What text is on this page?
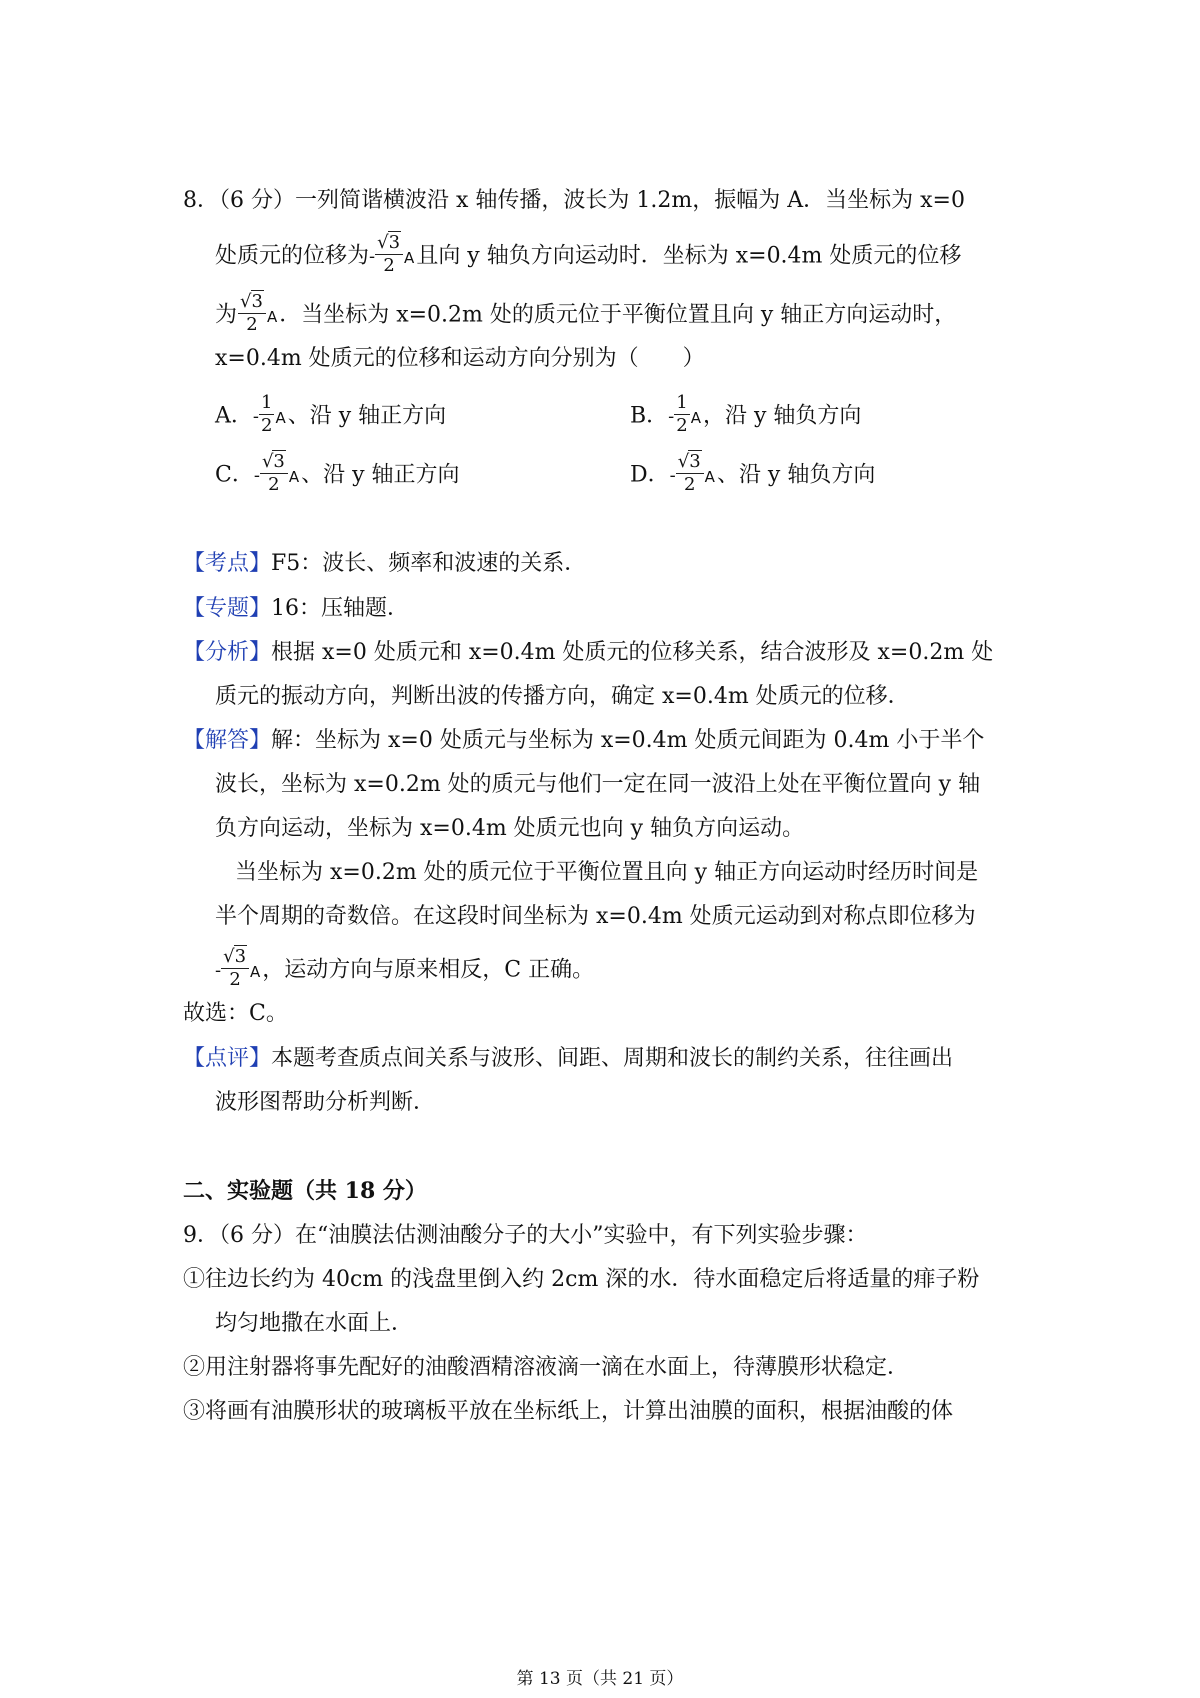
8．（6 分）一列简谐横波沿 x 轴传播，波长为 1.2m，振幅为 A．当坐标为 x=0
处质元的位移为- $\frac{√3}{2}$ A且向 y 轴负方向运动时．坐标为 x=0.4m 处质元的位移
为 $\frac{√3}{2}$ A．当坐标为 x=0.2m 处的质元位于平衡位置且向 y 轴正方向运动时，
x=0.4m 处质元的位移和运动方向分别为（　　）
A．- $\frac{1}{2}$ A、沿 y 轴正方向	B．- $\frac{1}{2}$ A，沿 y 轴负方向
C．- $\frac{√3}{2}$ A、沿 y 轴正方向	D．- $\frac{√3}{2}$ A、沿 y 轴负方向
【考点】F5：波长、频率和波速的关系．
【专题】16：压轴题．
【分析】根据 x=0 处质元和 x=0.4m 处质元的位移关系，结合波形及 x=0.2m 处
质元的振动方向，判断出波的传播方向，确定 x=0.4m 处质元的位移．
【解答】解：坐标为 x=0 处质元与坐标为 x=0.4m 处质元间距为 0.4m 小于半个
波长，坐标为 x=0.2m 处的质元与他们一定在同一波沿上处在平衡位置向 y 轴
负方向运动，坐标为 x=0.4m 处质元也向 y 轴负方向运动。
当坐标为 x=0.2m 处的质元位于平衡位置且向 y 轴正方向运动时经历时间是
半个周期的奇数倍。在这段时间坐标为 x=0.4m 处质元运动到对称点即位移为
- $\frac{√3}{2}$ A，运动方向与原来相反，C 正确。
故选：C。
【点评】本题考查质点间关系与波形、间距、周期和波长的制约关系，往往画出
波形图帮助分析判断．
二、实验题（共 18 分）
9．（6 分）在“油膜法估测油酸分子的大小”实验中，有下列实验步骤：
①往边长约为 40cm 的浅盘里倒入约 2cm 深的水．待水面稳定后将适量的痱子粉
均匀地撒在水面上．
②用注射器将事先配好的油酸酒精溶液滴一滴在水面上，待薄膜形状稳定．
③将画有油膜形状的玻璃板平放在坐标纸上，计算出油膜的面积，根据油酸的体
第 13 页（共 21 页）
